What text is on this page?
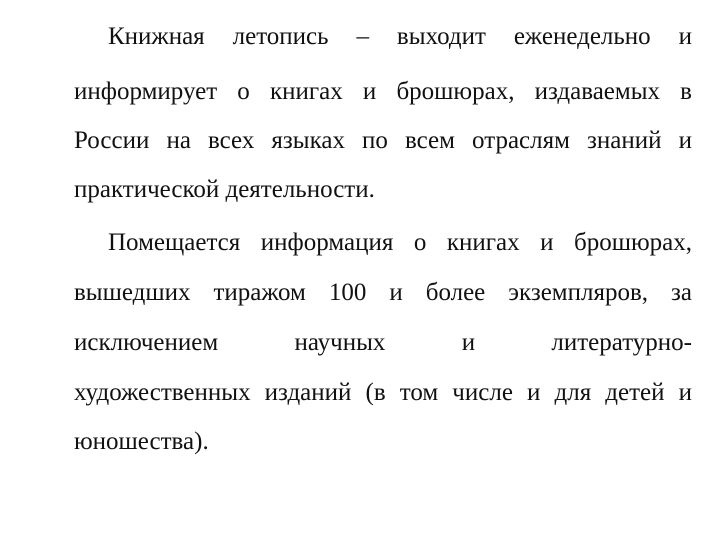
Книжная летопись – выходит еженедельно и
информирует о книгах и брошюрах, издаваемых в
России на всех языках по всем отраслям знаний и
практической деятельности.
Помещается информация о книгах и брошюрах,
вышедших тиражом 100 и более экземпляров, за
исключением научных и литературно-
художественных изданий (в том числе и для детей и
юношества).
